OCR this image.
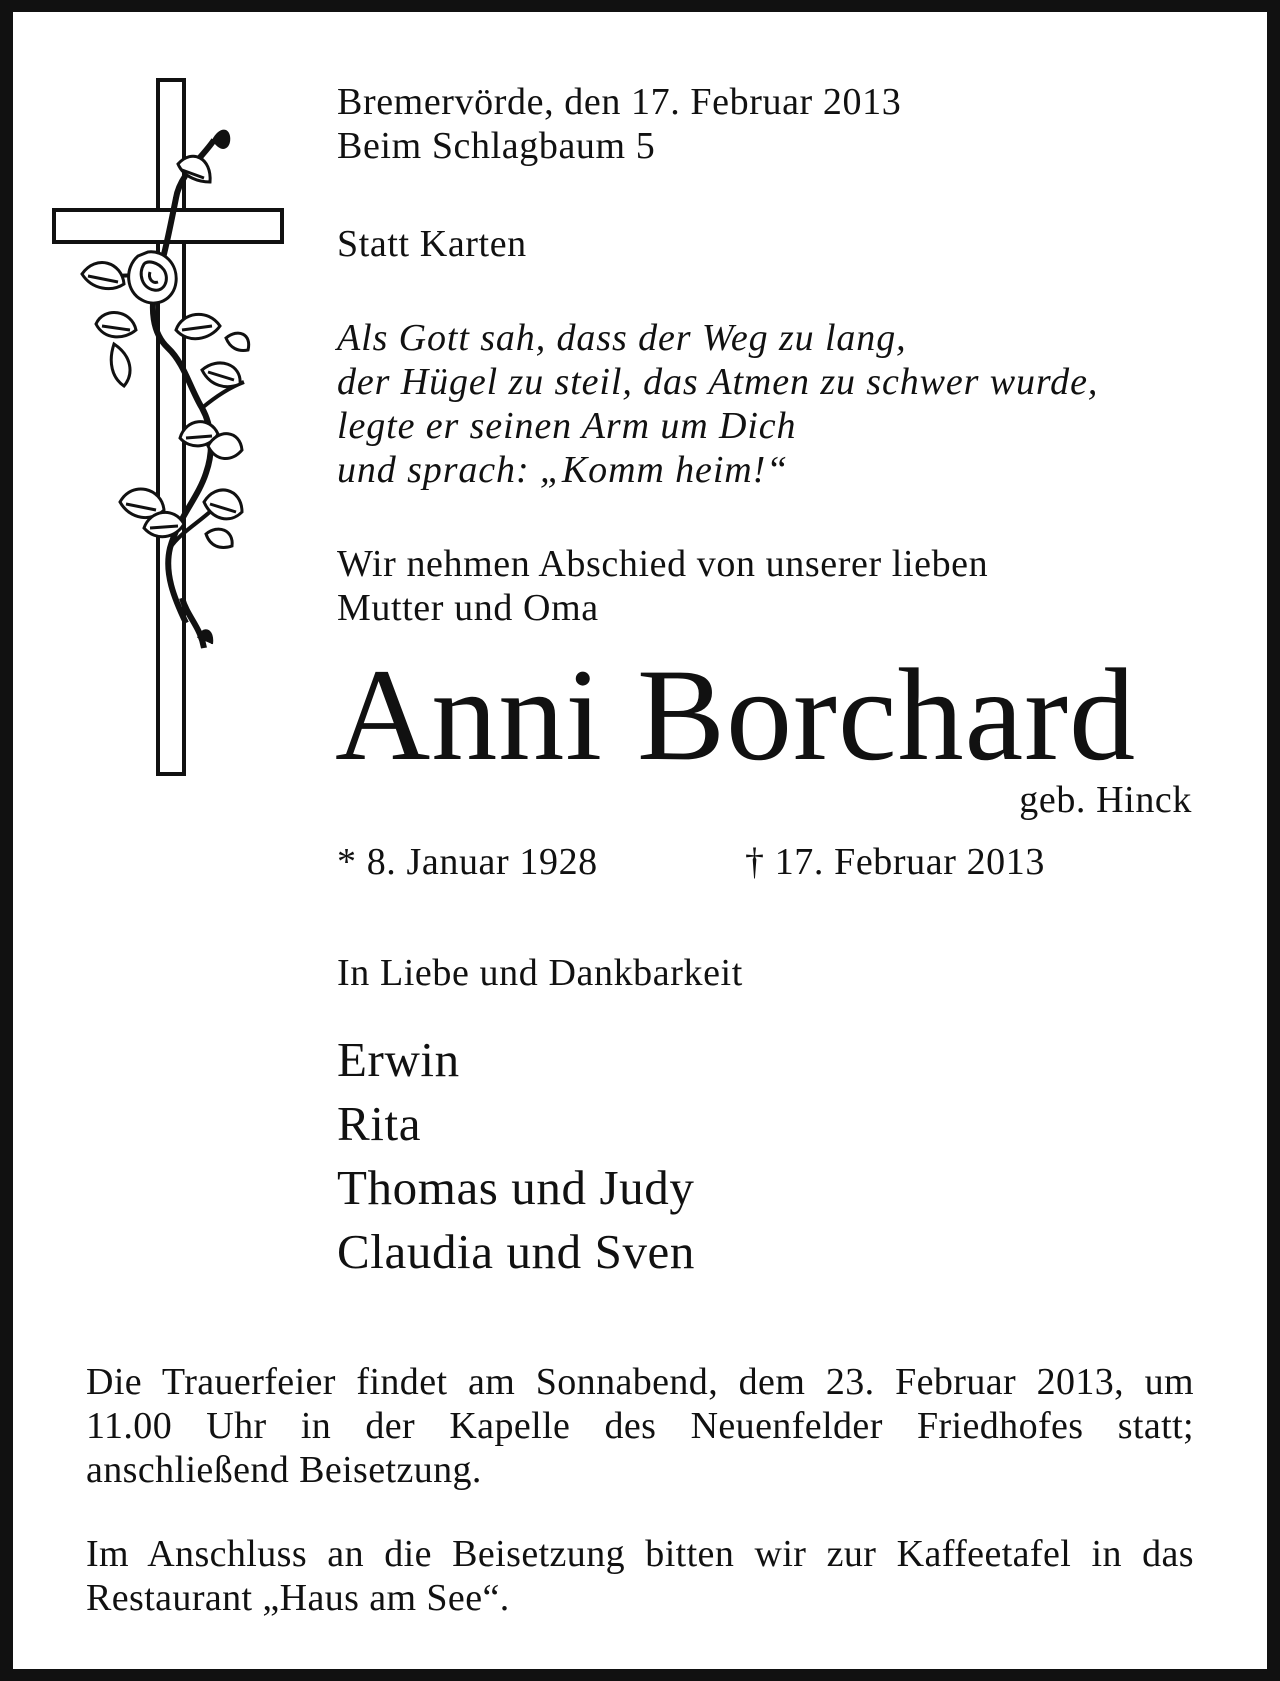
Bremervörde, den 17. Februar 2013

Beim Schlagbaum 5

Statt Karten

Als Gott sah, dass der Weg zu lang,

der Hügel zu steil, das Atmen zu schwer wurde,

legte er seinen Arm um Dich

und sprach: „Komm heim!“

Wir nehmen Abschied von unserer lieben

Mutter und Oma

Anni Borchard
geb. Hinck

* 8. Januar 1928	† 17. Februar 2013

In Liebe und Dankbarkeit

Erwin

Rita

Thomas und Judy

Claudia und Sven

Die Trauerfeier findet am Sonnabend, dem 23. Februar 2013, um 11.00 Uhr in der Kapelle des Neuenfelder Friedhofes statt; anschließend Beisetzung.

Im Anschluss an die Beisetzung bitten wir zur Kaffeetafel in das Restaurant „Haus am See“.
